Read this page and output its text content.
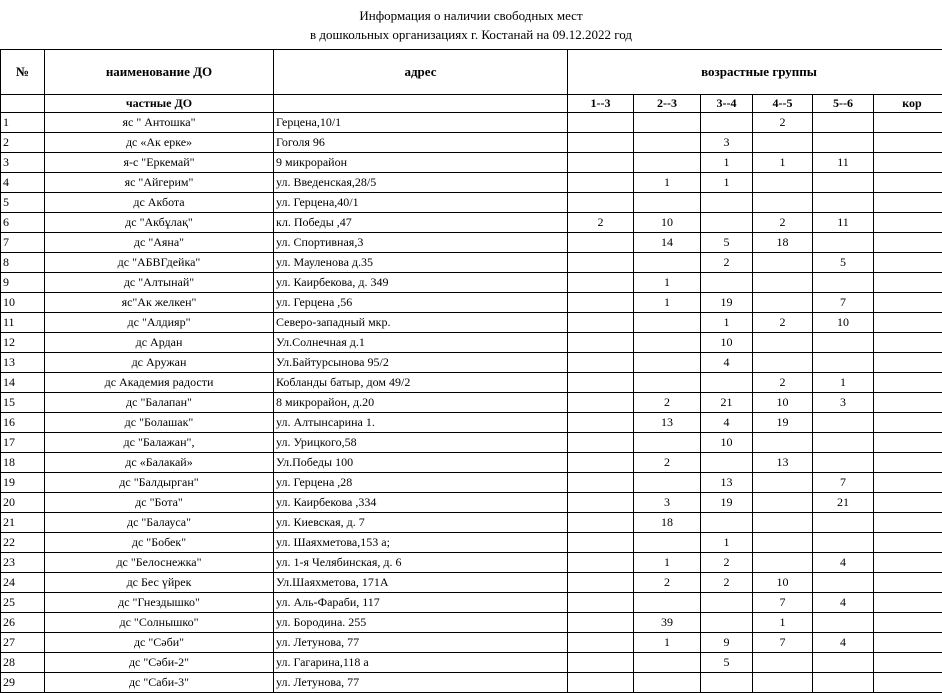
Информация о наличии свободных мест
в дошкольных организациях г. Костанай на 09.12.2022 год
№	наименование ДО	адрес	возрастные группы					
	частные ДО		1--3	2--3	3--4	4--5	5--6	кор
1	яс " Антошка"	Герцена,10/1				2		
2	дс «Ак ерке»	Гоголя 96			3			
3	я-с "Еркемай"	9 микрорайон			1	1	11	
4	яс "Айгерим"	ул. Введенская,28/5		1	1			
5	дс Акбота	ул. Герцена,40/1						
6	дс "Акбұлақ"	кл. Победы ,47	2	10		2	11	
7	дс "Аяна"	ул. Спортивная,3		14	5	18		
8	дс "АБВГдейка"	ул. Мауленова д.35			2		5	
9	дс "Алтынай"	ул. Каирбекова, д. 349		1				
10	яс"Ак желкен"	ул. Герцена ,56		1	19		7	
11	дс "Алдияр"	Северо-западный мкр.			1	2	10	
12	дс Ардан	Ул.Солнечная д.1			10			
13	дс Аружан	Ул.Байтурсынова 95/2			4			
14	дс Академия радости	Кобланды батыр, дом 49/2				2	1	
15	дс "Балапан"	8 микрорайон, д.20		2	21	10	3	
16	дс "Болашак"	ул. Алтынсарина 1.		13	4	19		
17	дс "Балажан",	ул. Урицкого,58			10			
18	дс «Балакай»	Ул.Победы 100		2		13		
19	дс "Балдырган"	ул. Герцена ,28			13		7	
20	дс "Бота"	ул. Каирбекова ,334		3	19		21	
21	дс "Балауса"	ул. Киевская, д. 7		18				
22	дс "Бобек"	ул. Шаяхметова,153 а;			1			
23	дс "Белоснежка"	ул. 1-я Челябинская, д. 6		1	2		4	
24	дс Бес үйрек	Ул.Шаяхметова, 171А		2	2	10		
25	дс "Гнездышко"	ул. Аль-Фараби, 117				7	4	
26	дс "Солнышко"	ул. Бородина. 255		39		1		
27	дс "Сәби"	ул. Летунова, 77		1	9	7	4	
28	дс "Сәби-2"	ул. Гагарина,118 а			5			
29	дс "Саби-3"	ул. Летунова, 77						
